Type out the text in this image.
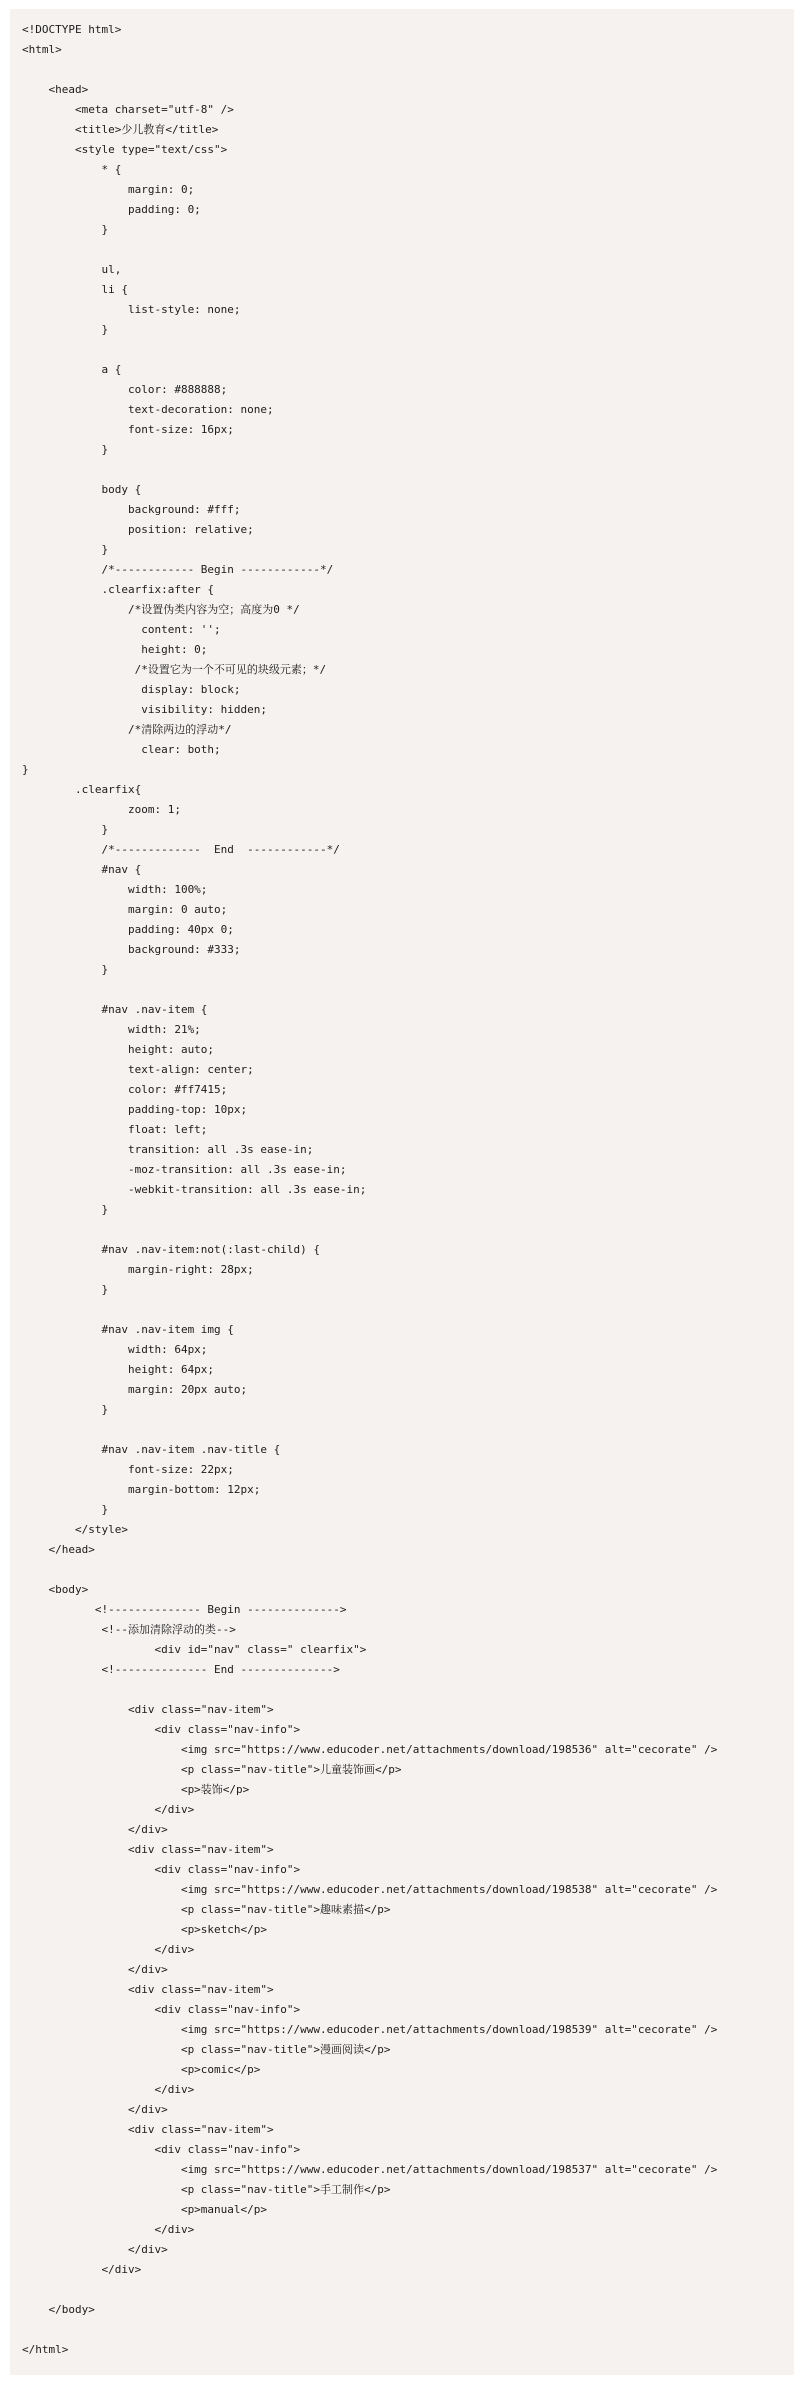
<!DOCTYPE html>
<html>
<head>
<meta charset="utf-8" />
<title>少儿教育</title>
<style type="text/css">
* {
margin: 0;
padding: 0;
}
ul,
li {
list-style: none;
}
a {
color: #888888;
text-decoration: none;
font-size: 16px;
}
body {
background: #fff;
position: relative;
}
/*------------ Begin ------------*/
.clearfix:after {
/*设置伪类内容为空；高度为0 */
content: '';
height: 0;
/*设置它为一个不可见的块级元素；*/
display: block;
visibility: hidden;
/*清除两边的浮动*/
clear: both;
}
.clearfix{
zoom: 1;
}
/*-------------  End  ------------*/
#nav {
width: 100%;
margin: 0 auto;
padding: 40px 0;
background: #333;
}
#nav .nav-item {
width: 21%;
height: auto;
text-align: center;
color: #ff7415;
padding-top: 10px;
float: left;
transition: all .3s ease-in;
-moz-transition: all .3s ease-in;
-webkit-transition: all .3s ease-in;
}
#nav .nav-item:not(:last-child) {
margin-right: 28px;
}
#nav .nav-item img {
width: 64px;
height: 64px;
margin: 20px auto;
}
#nav .nav-item .nav-title {
font-size: 22px;
margin-bottom: 12px;
}
</style>
</head>
<body>
<!-------------- Begin -------------->
<!--添加清除浮动的类-->
<div id="nav" class=" clearfix">
<!-------------- End -------------->
<div class="nav-item">
<div class="nav-info">
<img src="https://www.educoder.net/attachments/download/198536" alt="cecorate" />
<p class="nav-title">儿童装饰画</p>
<p>装饰</p>
</div>
</div>
<div class="nav-item">
<div class="nav-info">
<img src="https://www.educoder.net/attachments/download/198538" alt="cecorate" />
<p class="nav-title">趣味素描</p>
<p>sketch</p>
</div>
</div>
<div class="nav-item">
<div class="nav-info">
<img src="https://www.educoder.net/attachments/download/198539" alt="cecorate" />
<p class="nav-title">漫画阅读</p>
<p>comic</p>
</div>
</div>
<div class="nav-item">
<div class="nav-info">
<img src="https://www.educoder.net/attachments/download/198537" alt="cecorate" />
<p class="nav-title">手工制作</p>
<p>manual</p>
</div>
</div>
</div>
</body>
</html>
